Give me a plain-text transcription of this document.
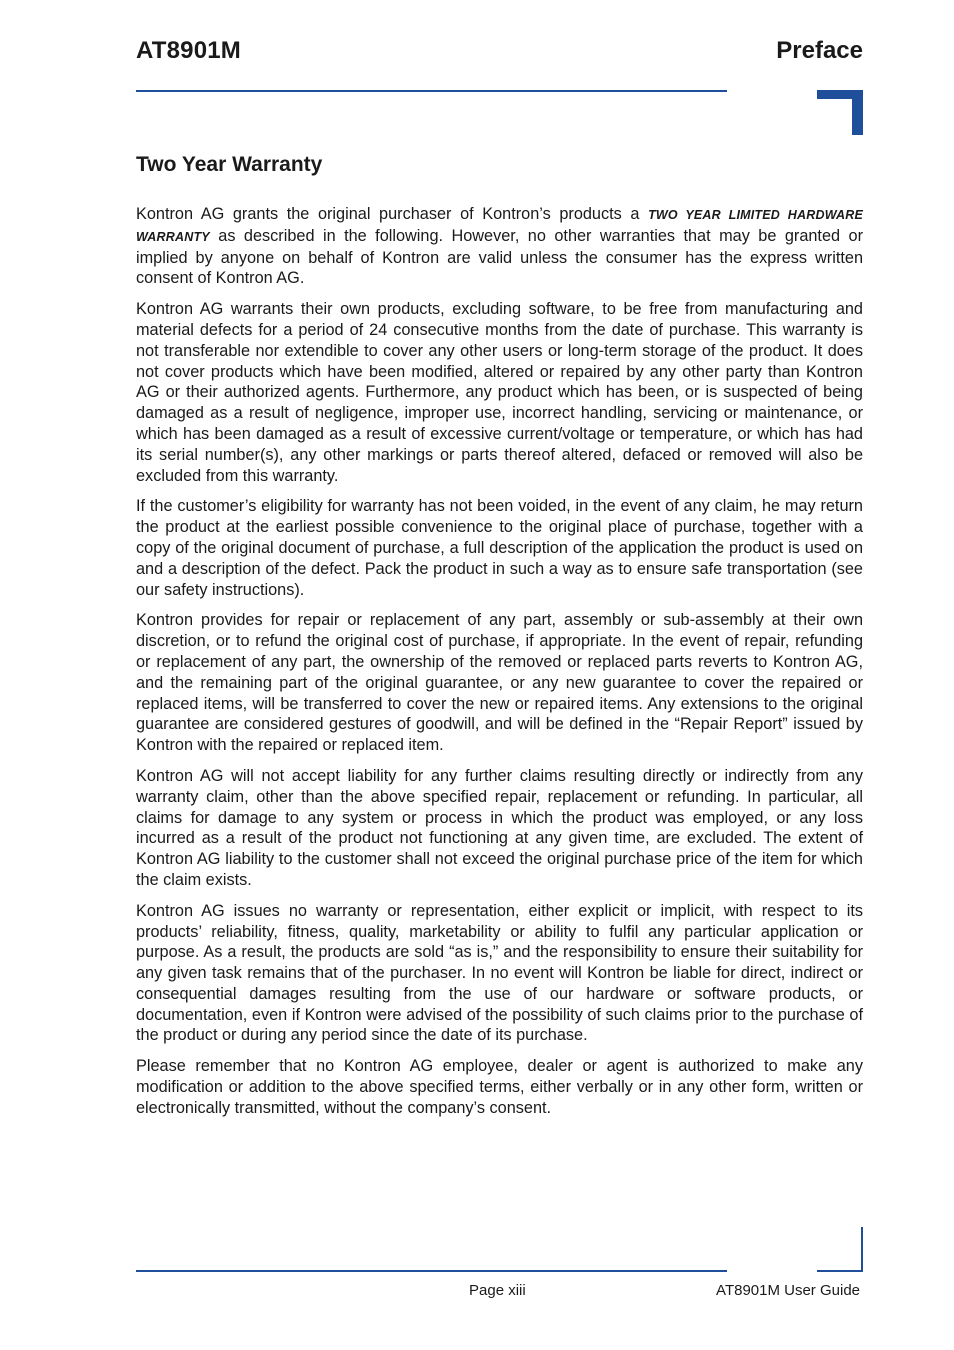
AT8901M	Preface
Two Year Warranty

Kontron AG grants the original purchaser of Kontron’s products a TWO YEAR LIMITED HARDWARE WARRANTY as described in the following. However, no other warranties that may be granted or implied by anyone on behalf of Kontron are valid unless the consumer has the express written consent of Kontron AG.

Kontron AG warrants their own products, excluding software, to be free from manufacturing and material defects for a period of 24 consecutive months from the date of purchase. This warranty is not transferable nor extendible to cover any other users or long-term storage of the product. It does not cover products which have been modified, altered or repaired by any other party than Kontron AG or their authorized agents. Furthermore, any product which has been, or is suspected of being damaged as a result of negligence, improper use, incorrect handling, servicing or maintenance, or which has been damaged as a result of excessive current/voltage or temperature, or which has had its serial number(s), any other markings or parts thereof altered, defaced or removed will also be excluded from this warranty.

If the customer’s eligibility for warranty has not been voided, in the event of any claim, he may return the product at the earliest possible convenience to the original place of purchase, together with a copy of the original document of purchase, a full description of the application the product is used on and a description of the defect. Pack the product in such a way as to ensure safe transportation (see our safety instructions).

Kontron provides for repair or replacement of any part, assembly or sub-assembly at their own discretion, or to refund the original cost of purchase, if appropriate. In the event of repair, refunding or replacement of any part, the ownership of the removed or replaced parts reverts to Kontron AG, and the remaining part of the original guarantee, or any new guarantee to cover the repaired or replaced items, will be transferred to cover the new or repaired items. Any extensions to the original guarantee are considered gestures of goodwill, and will be defined in the “Repair Report” issued by Kontron with the repaired or replaced item.

Kontron AG will not accept liability for any further claims resulting directly or indirectly from any warranty claim, other than the above specified repair, replacement or refunding. In particular, all claims for damage to any system or process in which the product was employed, or any loss incurred as a result of the product not functioning at any given time, are excluded. The extent of Kontron AG liability to the customer shall not exceed the original purchase price of the item for which the claim exists.

Kontron AG issues no warranty or representation, either explicit or implicit, with respect to its products’ reliability, fitness, quality, marketability or ability to fulfil any particular application or purpose. As a result, the products are sold “as is,” and the responsibility to ensure their suitability for any given task remains that of the purchaser. In no event will Kontron be liable for direct, indirect or consequential damages resulting from the use of our hardware or software products, or documentation, even if Kontron were advised of the possibility of such claims prior to the purchase of the product or during any period since the date of its purchase.

Please remember that no Kontron AG employee, dealer or agent is authorized to make any modification or addition to the above specified terms, either verbally or in any other form, written or electronically transmitted, without the company’s consent.

Page xiii	AT8901M User Guide
